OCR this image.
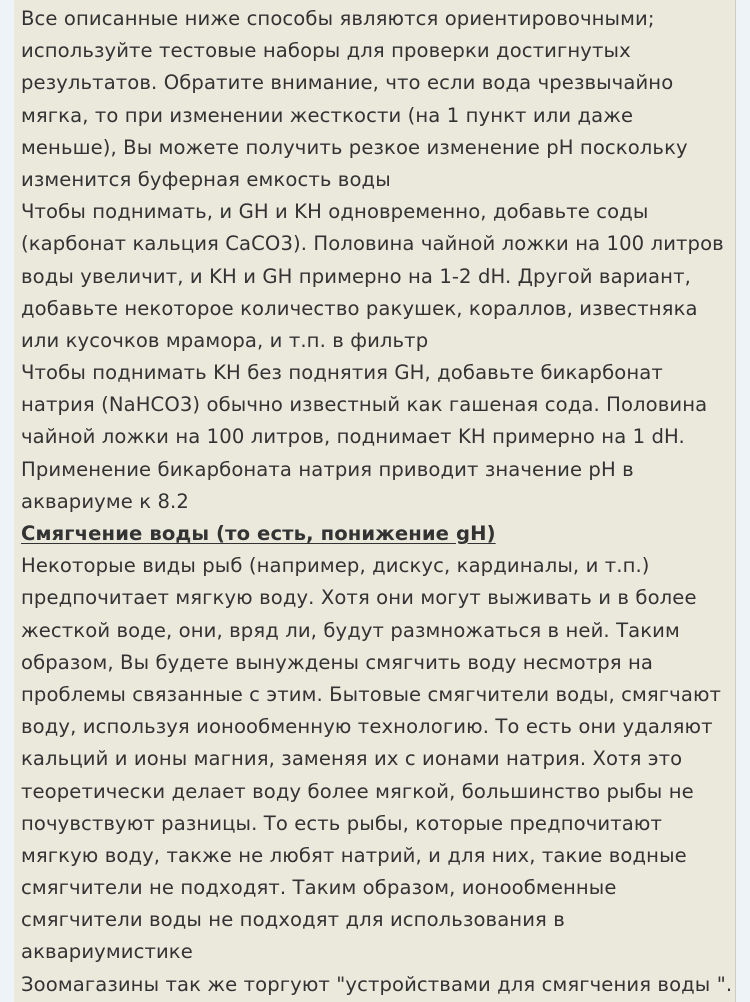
Все описанные ниже способы являются ориентировочными;
используйте тестовые наборы для проверки достигнутых
результатов. Обратите внимание, что если вода чрезвычайно
мягка, то при изменении жесткости (на 1 пункт или даже
меньше), Вы можете получить резкое изменение pH поскольку
изменится буферная емкость воды
Чтобы поднимать, и GH и KH одновременно, добавьте соды
(карбонат кальция CaCO3). Половина чайной ложки на 100 литров
воды увеличит, и KH и GH примерно на 1-2 dH. Другой вариант,
добавьте некоторое количество ракушек, кораллов, известняка
или кусочков мрамора, и т.п. в фильтр
Чтобы поднимать KH без поднятия GH, добавьте бикарбонат
натрия (NaHCO3) обычно известный как гашеная сода. Половина
чайной ложки на 100 литров, поднимает KH примерно на 1 dH.
Применение бикарбоната натрия приводит значение pH в
аквариуме к 8.2
Смягчение воды (то есть, понижение gH)
Некоторые виды рыб (например, дискус, кардиналы, и т.п.)
предпочитает мягкую воду. Хотя они могут выживать и в более
жесткой воде, они, вряд ли, будут размножаться в ней. Таким
образом, Вы будете вынуждены смягчить воду несмотря на
проблемы связанные с этим. Бытовые смягчители воды, смягчают
воду, используя ионообменную технологию. То есть они удаляют
кальций и ионы магния, заменяя их с ионами натрия. Хотя это
теоретически делает воду более мягкой, большинство рыбы не
почувствуют разницы. То есть рыбы, которые предпочитают
мягкую воду, также не любят натрий, и для них, такие водные
смягчители не подходят. Таким образом, ионообменные
смягчители воды не подходят для использования в
аквариумистике
Зоомагазины так же торгуют "устройствами для смягчения воды ".
